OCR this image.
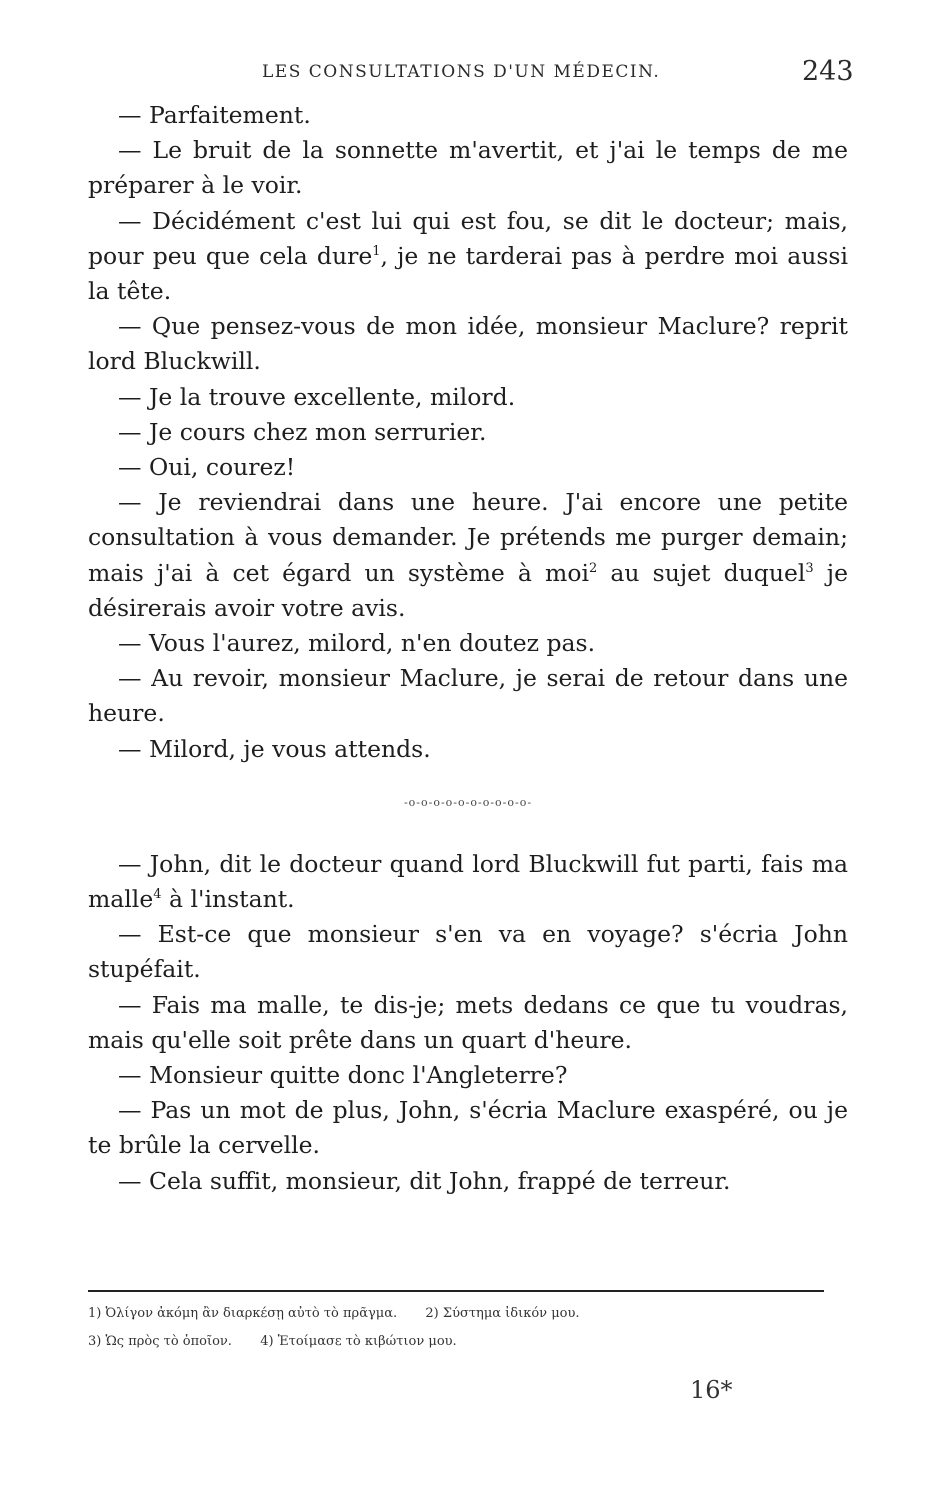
LES CONSULTATIONS D'UN MÉDECIN.	243

— Parfaitement.

— Le bruit de la sonnette m'avertit, et j'ai le temps de me préparer à le voir.

— Décidément c'est lui qui est fou, se dit le docteur; mais, pour peu que cela dure$^1$, je ne tarderai pas à perdre moi aussi la tête.

— Que pensez-vous de mon idée, monsieur Maclure? reprit lord Bluckwill.

— Je la trouve excellente, milord.

— Je cours chez mon serrurier.

— Oui, courez!

— Je reviendrai dans une heure. J'ai encore une petite consultation à vous demander. Je prétends me purger demain; mais j'ai à cet égard un système à moi$^2$ au sujet duquel$^3$ je désirerais avoir votre avis.

— Vous l'aurez, milord, n'en doutez pas.

— Au revoir, monsieur Maclure, je serai de retour dans une heure.

— Milord, je vous attends.

-o-o-o-o-o-o-o-o-o-o-

— John, dit le docteur quand lord Bluckwill fut parti, fais ma malle$^4$ à l'instant.

— Est-ce que monsieur s'en va en voyage? s'écria John stupéfait.

— Fais ma malle, te dis-je; mets dedans ce que tu voudras, mais qu'elle soit prête dans un quart d'heure.

— Monsieur quitte donc l'Angleterre?

— Pas un mot de plus, John, s'écria Maclure exaspéré, ou je te brûle la cervelle.

— Cela suffit, monsieur, dit John, frappé de terreur.

1) Ὀλίγον ἀκόμη ἂν διαρκέσῃ αὐτὸ τὸ πρᾶγμα. 2) Σύστημα ἰδικόν μου.

3) Ὡς πρὸς τὸ ὁποῖον. 4) Ἑτοίμασε τὸ κιβώτιον μου.

16*
